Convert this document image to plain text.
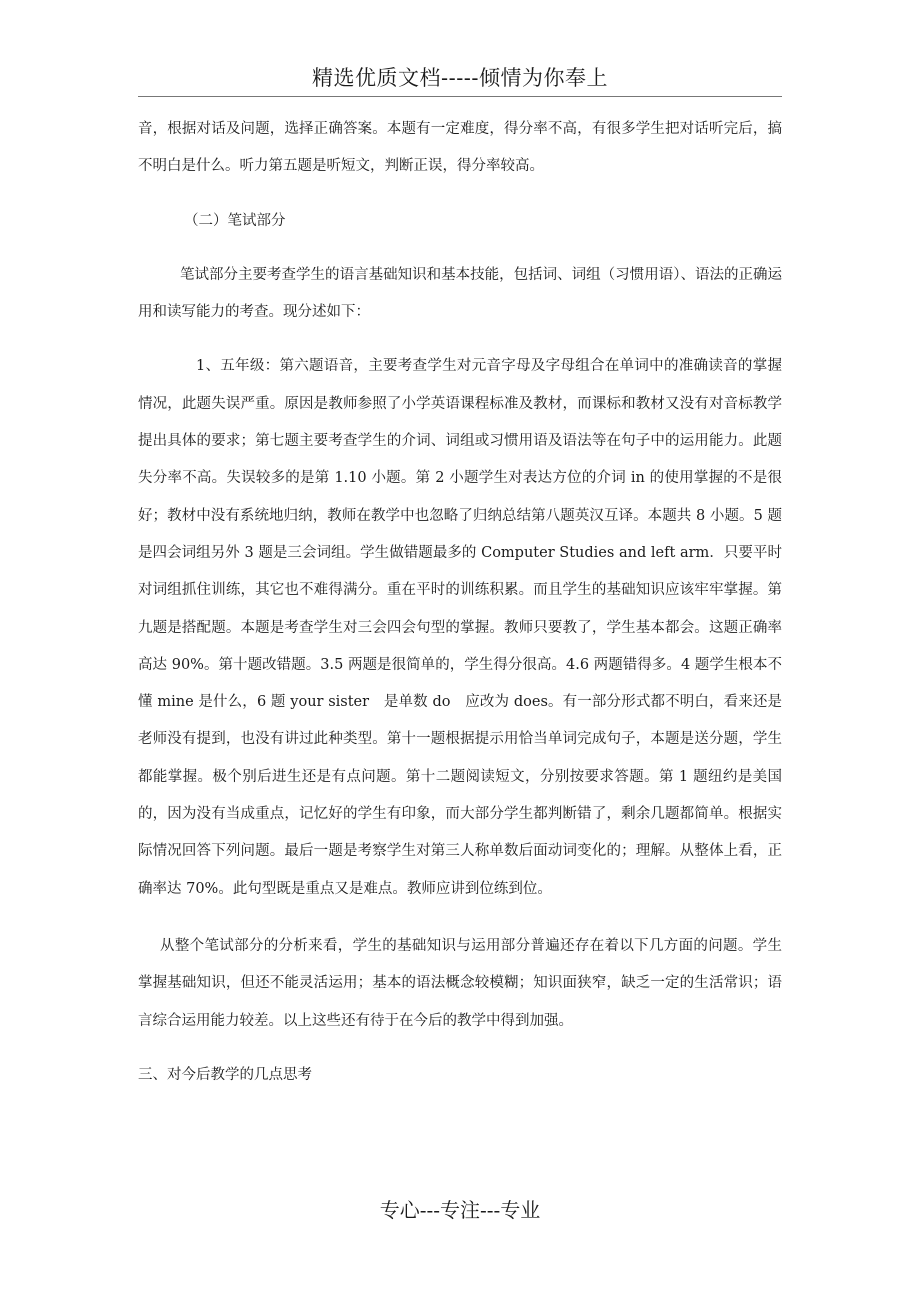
精选优质文档-----倾情为你奉上

音，根据对话及问题，选择正确答案。本题有一定难度，得分率不高，有很多学生把对话听完后，搞不明白是什么。听力第五题是听短文，判断正误，得分率较高。

（二）笔试部分

笔试部分主要考查学生的语言基础知识和基本技能，包括词、词组（习惯用语）、语法的正确运用和读写能力的考查。现分述如下：

1、五年级：第六题语音，主要考查学生对元音字母及字母组合在单词中的准确读音的掌握情况，此题失误严重。原因是教师参照了小学英语课程标准及教材，而课标和教材又没有对音标教学提出具体的要求；第七题主要考查学生的介词、词组或习惯用语及语法等在句子中的运用能力。此题失分率不高。失误较多的是第 1.10 小题。第 2 小题学生对表达方位的介词 in 的使用掌握的不是很好；教材中没有系统地归纳，教师在教学中也忽略了归纳总结第八题英汉互译。本题共 8 小题。5 题是四会词组另外 3 题是三会词组。学生做错题最多的 Computer Studies and left arm．只要平时对词组抓住训练，其它也不难得满分。重在平时的训练积累。而且学生的基础知识应该牢牢掌握。第九题是搭配题。本题是考查学生对三会四会句型的掌握。教师只要教了，学生基本都会。这题正确率高达 90%。第十题改错题。3.5 两题是很简单的，学生得分很高。4.6 两题错得多。4 题学生根本不懂 mine 是什么，6 题 your sister　是单数 do　应改为 does。有一部分形式都不明白，看来还是老师没有提到，也没有讲过此种类型。第十一题根据提示用恰当单词完成句子，本题是送分题，学生都能掌握。极个别后进生还是有点问题。第十二题阅读短文，分别按要求答题。第 1 题纽约是美国的，因为没有当成重点，记忆好的学生有印象，而大部分学生都判断错了，剩余几题都简单。根据实际情况回答下列问题。最后一题是考察学生对第三人称单数后面动词变化的；理解。从整体上看，正确率达 70%。此句型既是重点又是难点。教师应讲到位练到位。

从整个笔试部分的分析来看，学生的基础知识与运用部分普遍还存在着以下几方面的问题。学生掌握基础知识，但还不能灵活运用；基本的语法概念较模糊；知识面狭窄，缺乏一定的生活常识；语言综合运用能力较差。以上这些还有待于在今后的教学中得到加强。

三、对今后教学的几点思考

专心---专注---专业
